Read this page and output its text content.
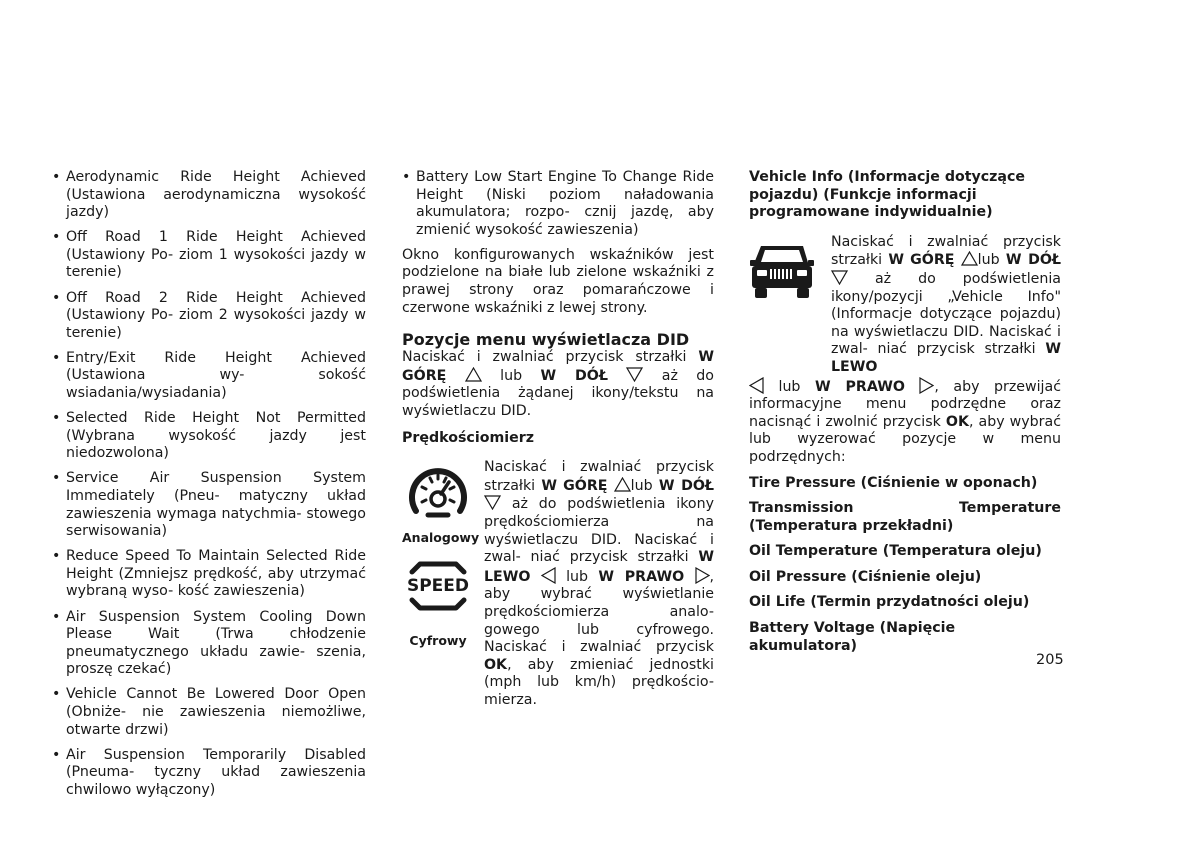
• Aerodynamic Ride Height Achieved (Ustawiona aerodynamiczna wysokość jazdy)
• Off Road 1 Ride Height Achieved (Ustawiony Po- ziom 1 wysokości jazdy w terenie)
• Off Road 2 Ride Height Achieved (Ustawiony Po- ziom 2 wysokości jazdy w terenie)
• Entry/Exit Ride Height Achieved (Ustawiona wy- sokość wsiadania/wysiadania)
• Selected Ride Height Not Permitted (Wybrana wysokość jazdy jest niedozwolona)
• Service Air Suspension System Immediately (Pneu- matyczny układ zawieszenia wymaga natychmia- stowego serwisowania)
• Reduce Speed To Maintain Selected Ride Height (Zmniejsz prędkość, aby utrzymać wybraną wyso- kość zawieszenia)
• Air Suspension System Cooling Down Please Wait (Trwa chłodzenie pneumatycznego układu zawie- szenia, proszę czekać)
• Vehicle Cannot Be Lowered Door Open (Obniże- nie zawieszenia niemożliwe, otwarte drzwi)
• Air Suspension Temporarily Disabled (Pneuma- tyczny układ zawieszenia chwilowo wyłączony)
• Battery Low Start Engine To Change Ride Height (Niski poziom naładowania akumulatora; rozpo- cznij jazdę, aby zmienić wysokość zawieszenia)

Okno konfigurowanych wskaźników jest podzielone na białe lub zielone wskaźniki z prawej strony oraz pomarańczowe i czerwone wskaźniki z lewej strony.

Pozycje menu wyświetlacza DID

Naciskać i zwalniać przycisk strzałki W GÓRĘ	lub W DÓŁ	aż do podświetlenia żądanej ikony/tekstu na wyświetlaczu DID.

Prędkościomierz
Analogowy
SPEED
Cyfrowy

Naciskać i zwalniać przycisk strzałki W GÓRĘ lub W DÓŁ  aż do podświetlenia ikony prędkościomierza na wyświetlaczu DID. Naciskać i zwal- niać przycisk strzałki W LEWO	lub W PRAWO , aby wybrać wyświetlanie prędkościomierza analo- gowego lub cyfrowego. Naciskać i zwalniać przycisk OK, aby zmieniać jednostki (mph lub km/h) prędkościo- mierza.

Vehicle Info (Informacje dotyczące pojazdu) (Funkcje informacji programowane indywidualnie)

Naciskać i zwalniać przycisk strzałki W GÓRĘ lub W DÓŁ  aż do podświetlenia ikony/pozycji „Vehicle Info" (Informacje dotyczące pojazdu) na wyświetlaczu DID. Naciskać i zwal- niać przycisk strzałki W LEWO

lub W PRAWO , aby przewijać informacyjne menu podrzędne oraz nacisnąć i zwolnić przycisk OK, aby wybrać lub wyzerować pozycje w menu podrzędnych:

Tire Pressure (Ciśnienie w oponach)
Transmission Temperature (Temperatura przekładni)
Oil Temperature (Temperatura oleju)
Oil Pressure (Ciśnienie oleju)
Oil Life (Termin przydatności oleju)
Battery Voltage (Napięcie akumulatora)
205
